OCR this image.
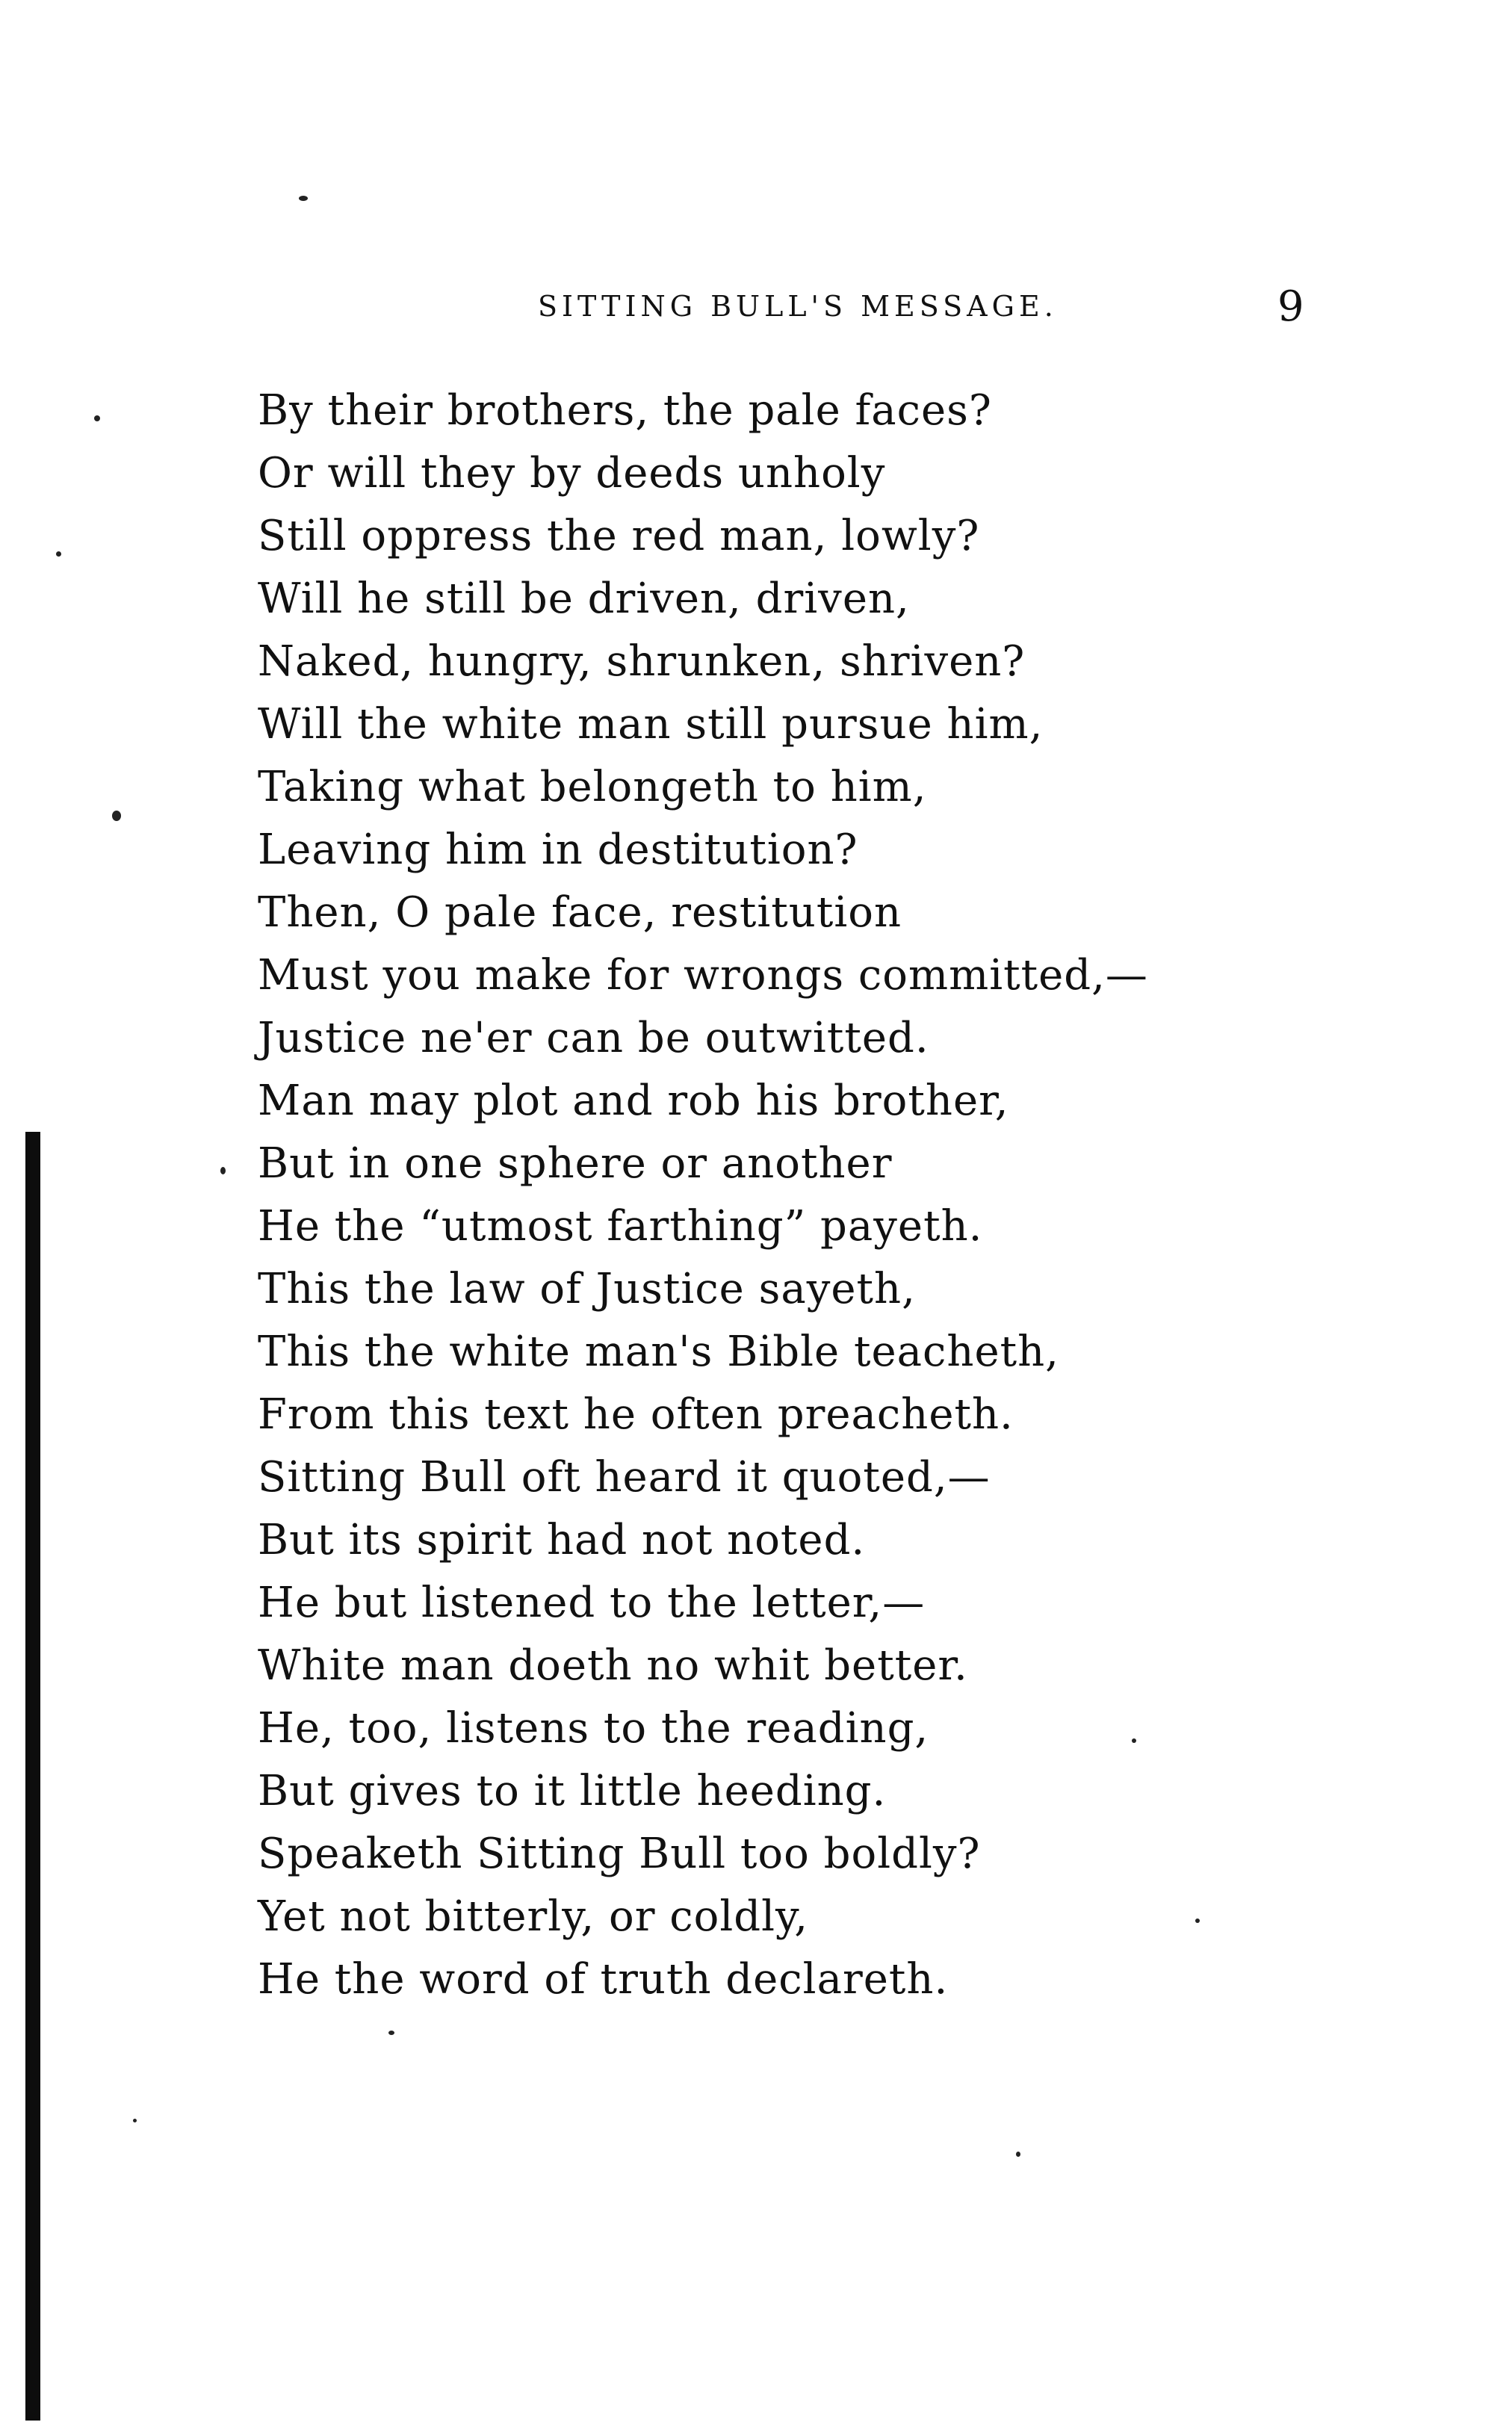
SITTING BULL'S MESSAGE.	9
By their brothers, the pale faces?
Or will they by deeds unholy
Still oppress the red man, lowly?
Will he still be driven, driven,
Naked, hungry, shrunken, shriven?
Will the white man still pursue him,
Taking what belongeth to him,
Leaving him in destitution?
Then, O pale face, restitution
Must you make for wrongs committed,—
Justice ne'er can be outwitted.
Man may plot and rob his brother,
But in one sphere or another
He the “utmost farthing” payeth.
This the law of Justice sayeth,
This the white man's Bible teacheth,
From this text he often preacheth.
Sitting Bull oft heard it quoted,—
But its spirit had not noted.
He but listened to the letter,—
White man doeth no whit better.
He, too, listens to the reading,
But gives to it little heeding.
Speaketh Sitting Bull too boldly?
Yet not bitterly, or coldly,
He the word of truth declareth.
